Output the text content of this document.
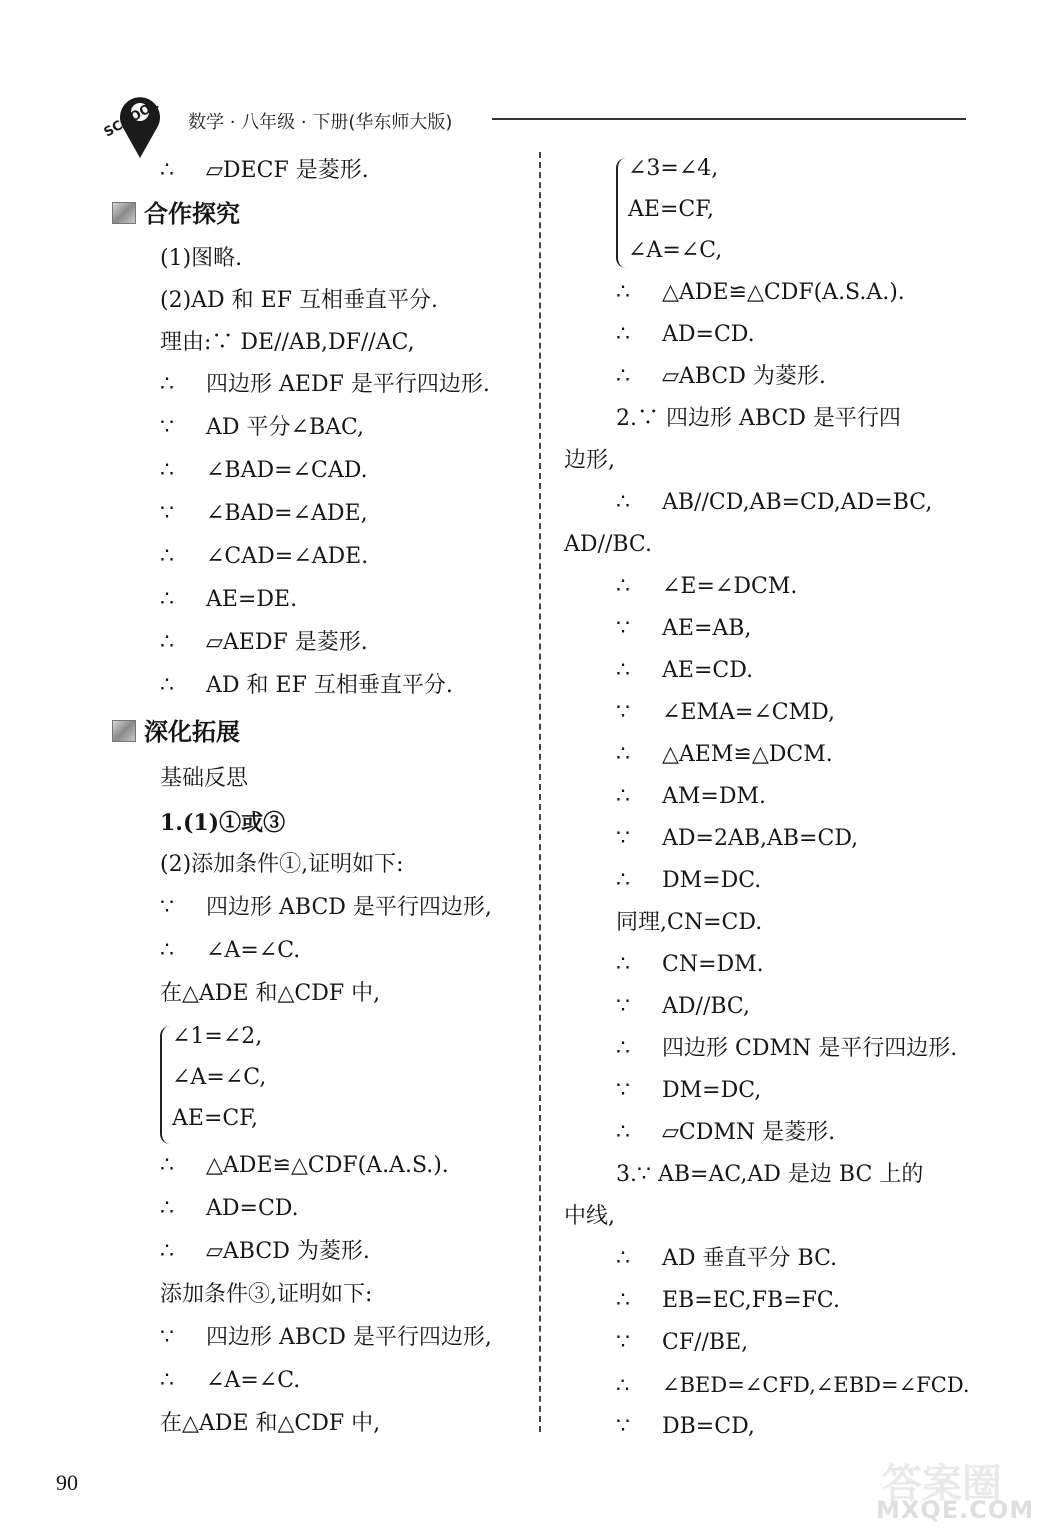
SCHOOL 数学 · 八年级 · 下册(华东师大版)
∴ ▱DECF 是菱形.
合作探究
(1)图略.
(2)AD 和 EF 互相垂直平分.
理由:∵ DE//AB,DF//AC,
∴ 四边形 AEDF 是平行四边形.
∵ AD 平分∠BAC,
∴ ∠BAD=∠CAD.
∵ ∠BAD=∠ADE,
∴ ∠CAD=∠ADE.
∴ AE=DE.
∴ ▱AEDF 是菱形.
∴ AD 和 EF 互相垂直平分.
深化拓展
基础反思
1.(1)①或③
(2)添加条件①,证明如下:
∵ 四边形 ABCD 是平行四边形,
∴ ∠A=∠C.
在△ADE 和△CDF 中,
∠1=∠2,
∠A=∠C,
AE=CF,
∴ △ADE≌△CDF(A.A.S.).
∴ AD=CD.
∴ ▱ABCD 为菱形.
添加条件③,证明如下:
∵ 四边形 ABCD 是平行四边形,
∴ ∠A=∠C.
在△ADE 和△CDF 中,
∠3=∠4,
AE=CF,
∠A=∠C,
∴ △ADE≌△CDF(A.S.A.).
∴ AD=CD.
∴ ▱ABCD 为菱形.
2.∵ 四边形 ABCD 是平行四
边形,
∴ AB//CD,AB=CD,AD=BC,
AD//BC.
∴ ∠E=∠DCM.
∵ AE=AB,
∴ AE=CD.
∵ ∠EMA=∠CMD,
∴ △AEM≌△DCM.
∴ AM=DM.
∵ AD=2AB,AB=CD,
∴ DM=DC.
同理,CN=CD.
∴ CN=DM.
∵ AD//BC,
∴ 四边形 CDMN 是平行四边形.
∵ DM=DC,
∴ ▱CDMN 是菱形.
3.∵ AB=AC,AD 是边 BC 上的
中线,
∴ AD 垂直平分 BC.
∴ EB=EC,FB=FC.
∵ CF//BE,
∴ ∠BED=∠CFD,∠EBD=∠FCD.
∵ DB=CD,
90	答案圈
MXQE.COM
